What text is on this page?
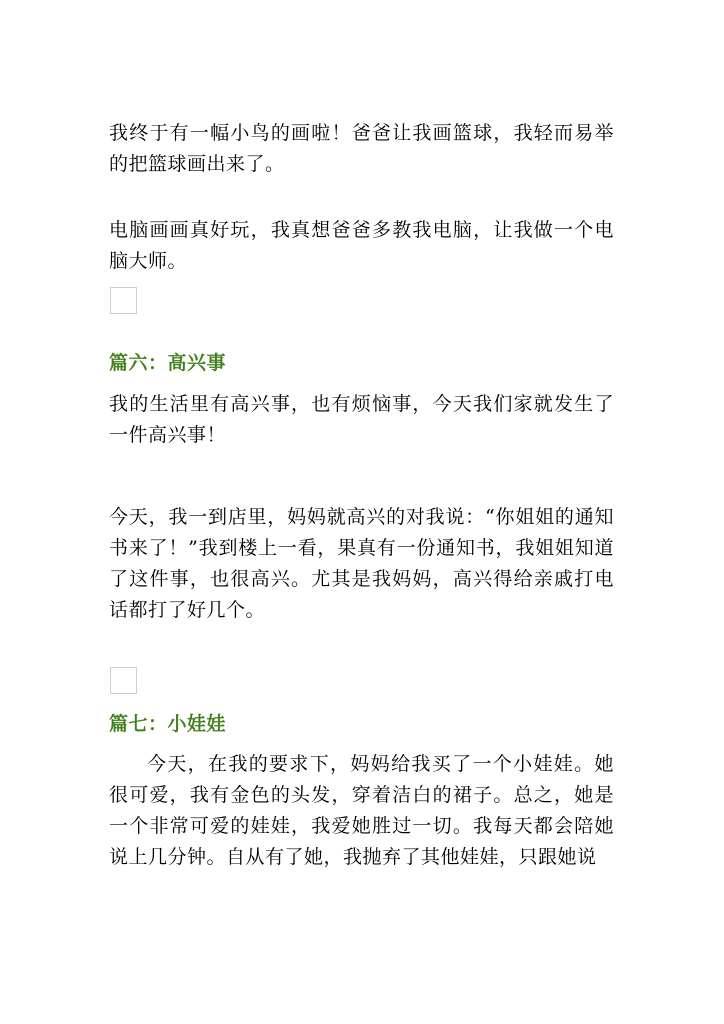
我终于有一幅小鸟的画啦！爸爸让我画篮球，我轻而易举的把篮球画出来了。

电脑画画真好玩，我真想爸爸多教我电脑，让我做一个电脑大师。

篇六：高兴事

我的生活里有高兴事，也有烦恼事，今天我们家就发生了一件高兴事！

今天，我一到店里，妈妈就高兴的对我说：“你姐姐的通知书来了！”我到楼上一看，果真有一份通知书，我姐姐知道了这件事，也很高兴。尤其是我妈妈，高兴得给亲戚打电话都打了好几个。

篇七：小娃娃

今天，在我的要求下，妈妈给我买了一个小娃娃。她很可爱，我有金色的头发，穿着洁白的裙子。总之，她是一个非常可爱的娃娃，我爱她胜过一切。我每天都会陪她说上几分钟。自从有了她，我抛弃了其他娃娃，只跟她说
